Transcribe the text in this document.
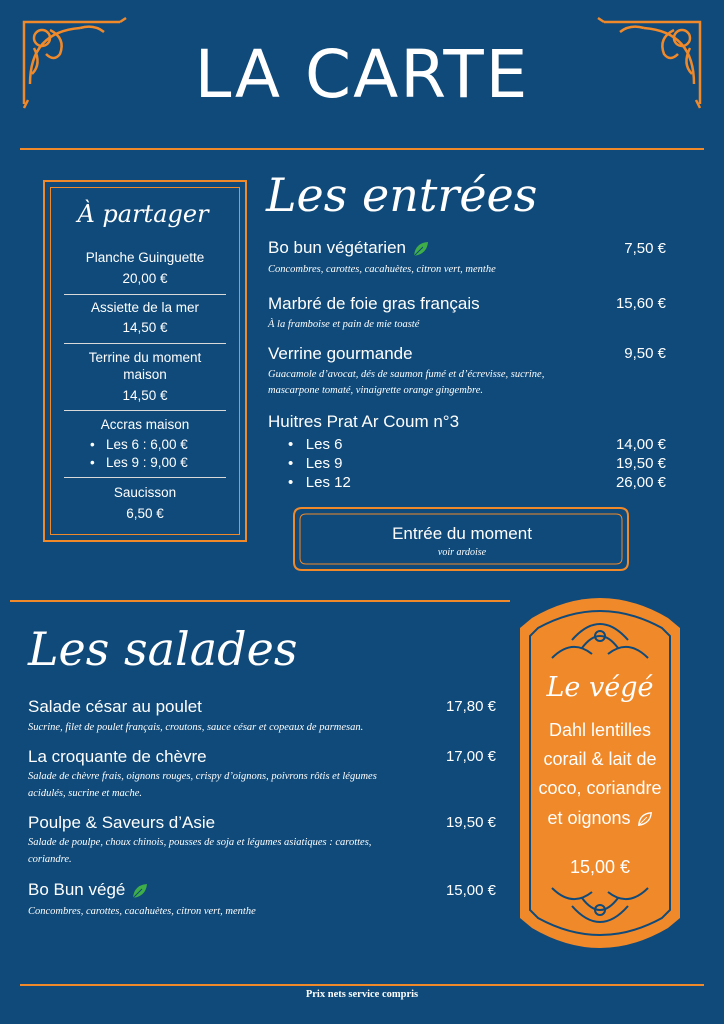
LA CARTE
À partager
Planche Guinguette
20,00 €
Assiette de la mer
14,50 €
Terrine du moment
maison
14,50 €
Accras maison
•   Les 6 : 6,00 €
•   Les 9 : 9,00 €
Saucisson
6,50 €
Les entrées
Bo bun végétarien	7,50 €
Concombres, carottes, cacahuètes, citron vert, menthe
Marbré de foie gras français	15,60 €
À la framboise et pain de mie toasté
Verrine gourmande	9,50 €
Guacamole d’avocat, dés de saumon fumé et d’écrevisse, sucrine,
mascarpone tomaté, vinaigrette orange gingembre.
Huitres Prat Ar Coum n°3
•   Les 6	14,00 €
•   Les 9	19,50 €
•   Les 12	26,00 €
Entrée du moment
voir ardoise
Les salades
Salade césar au poulet	17,80 €
Sucrine, filet de poulet français, croutons, sauce césar et copeaux de parmesan.
La croquante de chèvre	17,00 €
Salade de chèvre frais, oignons rouges, crispy d’oignons, poivrons rôtis et légumes
acidulés, sucrine et mache.
Poulpe & Saveurs d’Asie	19,50 €
Salade de poulpe, choux chinois, pousses de soja et légumes asiatiques : carottes,
coriandre.
Bo Bun végé	15,00 €
Concombres, carottes, cacahuètes, citron vert, menthe
Le végé
Dahl lentilles
corail & lait de
coco, coriandre
et oignons
15,00 €
Prix nets service compris
